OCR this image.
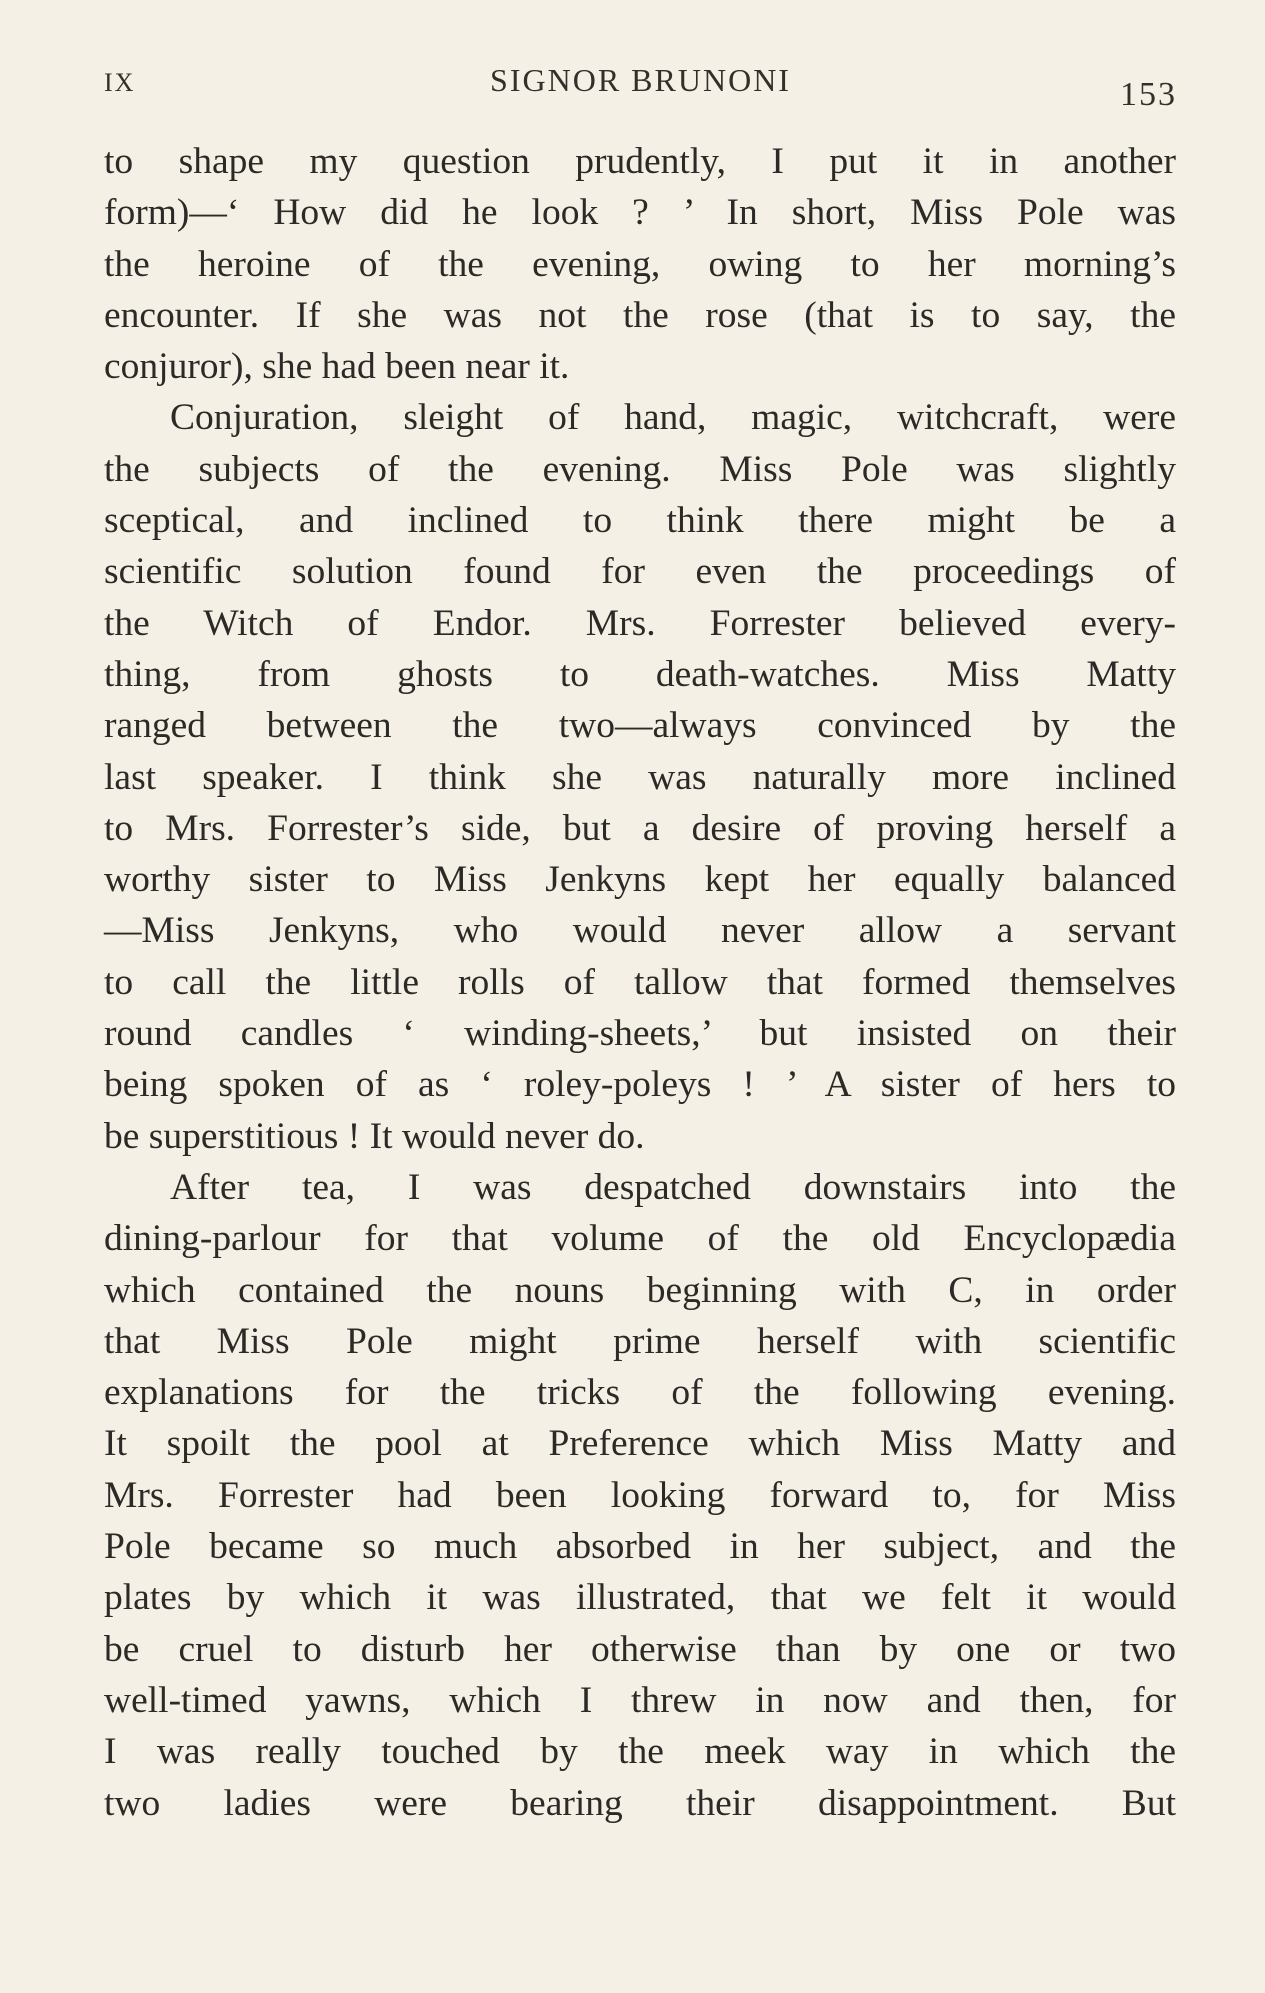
IX	SIGNOR BRUNONI	153
to shape my question prudently, I put it in another
form)—‘ How did he look ? ’ In short, Miss Pole was
the heroine of the evening, owing to her morning’s
encounter. If she was not the rose (that is to say, the
conjuror), she had been near it.
Conjuration, sleight of hand, magic, witchcraft, were
the subjects of the evening. Miss Pole was slightly
sceptical, and inclined to think there might be a
scientific solution found for even the proceedings of
the Witch of Endor. Mrs. Forrester believed every-
thing, from ghosts to death-watches. Miss Matty
ranged between the two—always convinced by the
last speaker. I think she was naturally more inclined
to Mrs. Forrester’s side, but a desire of proving herself a
worthy sister to Miss Jenkyns kept her equally balanced
—Miss Jenkyns, who would never allow a servant
to call the little rolls of tallow that formed themselves
round candles ‘ winding-sheets,’ but insisted on their
being spoken of as ‘ roley-poleys ! ’ A sister of hers to
be superstitious ! It would never do.
After tea, I was despatched downstairs into the
dining-parlour for that volume of the old Encyclopædia
which contained the nouns beginning with C, in order
that Miss Pole might prime herself with scientific
explanations for the tricks of the following evening.
It spoilt the pool at Preference which Miss Matty and
Mrs. Forrester had been looking forward to, for Miss
Pole became so much absorbed in her subject, and the
plates by which it was illustrated, that we felt it would
be cruel to disturb her otherwise than by one or two
well-timed yawns, which I threw in now and then, for
I was really touched by the meek way in which the
two ladies were bearing their disappointment. But
